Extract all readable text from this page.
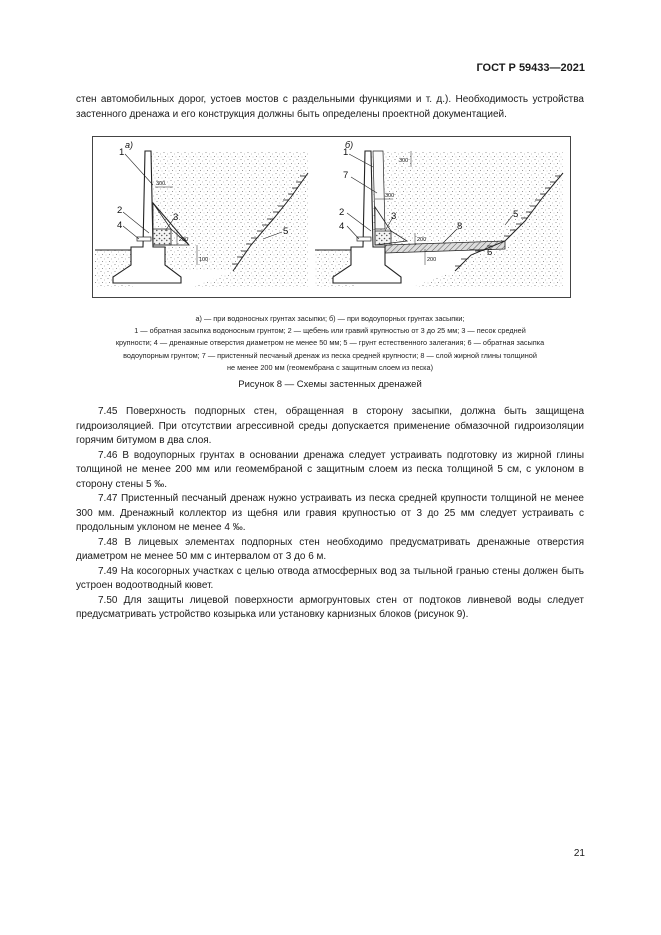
ГОСТ Р 59433—2021
стен автомобильных дорог, устоев мостов с раздельными функциями и т. д.). Необходимость устройства застенного дренажа и его конструкция должны быть определены проектной документацией.
300
200
100
а)
1
2
3
4
5
300
300
200
200
б)
1
7
2	3
4	8
5
6
а) — при водоносных грунтах засыпки; б) — при водоупорных грунтах засыпки;
1 — обратная засыпка водоносным грунтом; 2 — щебень или гравий крупностью от 3 до 25 мм; 3 — песок средней
крупности; 4 — дренажные отверстия диаметром не менее 50 мм; 5 — грунт естественного залегания; 6 — обратная засыпка
водоупорным грунтом; 7 — пристенный песчаный дренаж из песка средней крупности; 8 — слой жирной глины толщиной
не менее 200 мм (геомембрана с защитным слоем из песка)
Рисунок 8 — Схемы застенных дренажей

7.45 Поверхность подпорных стен, обращенная в сторону засыпки, должна быть защищена гидроизоляцией. При отсутствии агрессивной среды допускается применение обмазочной гидроизоляции горячим битумом в два слоя.

7.46 В водоупорных грунтах в основании дренажа следует устраивать подготовку из жирной глины толщиной не менее 200 мм или геомембраной с защитным слоем из песка толщиной 5 см, с уклоном в сторону стены 5 ‰.

7.47 Пристенный песчаный дренаж нужно устраивать из песка средней крупности толщиной не менее 300 мм. Дренажный коллектор из щебня или гравия крупностью от 3 до 25 мм следует устраивать с продольным уклоном не менее 4 ‰.

7.48 В лицевых элементах подпорных стен необходимо предусматривать дренажные отверстия диаметром не менее 50 мм с интервалом от 3 до 6 м.

7.49 На косогорных участках с целью отвода атмосферных вод за тыльной гранью стены должен быть устроен водоотводный кювет.

7.50 Для защиты лицевой поверхности армогрунтовых стен от подтоков ливневой воды следует предусматривать устройство козырька или установку карнизных блоков (рисунок 9).

21
